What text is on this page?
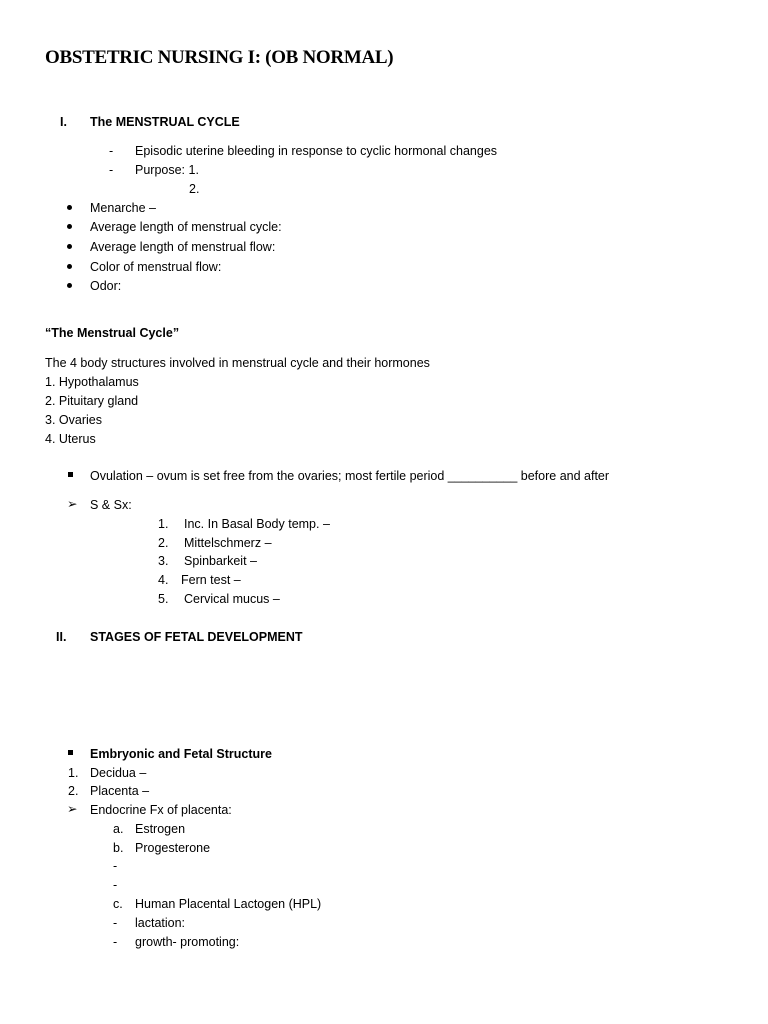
OBSTETRIC NURSING I: (OB NORMAL)
I. The MENSTRUAL CYCLE
- Episodic uterine bleeding in response to cyclic hormonal changes
- Purpose: 1.
2.
Menarche –
Average length of menstrual cycle:
Average length of menstrual flow:
Color of menstrual flow:
Odor:
“The Menstrual Cycle”
The 4 body structures involved in menstrual cycle and their hormones
1. Hypothalamus
2. Pituitary gland
3. Ovaries
4. Uterus
Ovulation – ovum is set free from the ovaries; most fertile period __________ before and after
➢ S & Sx:
1. Inc. In Basal Body temp. –
2. Mittelschmerz –
3. Spinbarkeit –
4. Fern test –
5. Cervical mucus –
II. STAGES OF FETAL DEVELOPMENT
Embryonic and Fetal Structure
1. Decidua –
2. Placenta –
➢ Endocrine Fx of placenta:
a. Estrogen
b. Progesterone
-
-
c. Human Placental Lactogen (HPL)
- lactation:
- growth- promoting:
